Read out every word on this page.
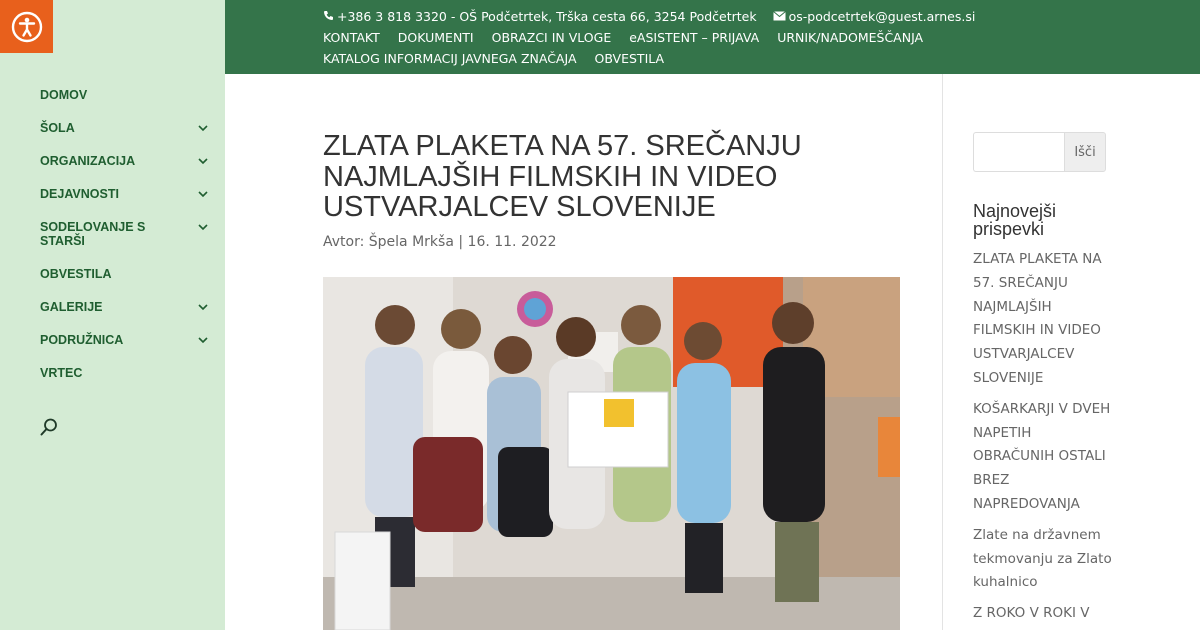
DOMOV
ŠOLA
ORGANIZACIJA
DEJAVNOSTI
SODELOVANJE S STARŠI
OBVESTILA
GALERIJE
PODRUŽNICA
VRTEC
+386 3 818 3320 - OŠ Podčetrtek, Trška cesta 66, 3254 Podčetrtek	os-podcetrtek@guest.arnes.si
KONTAKT DOKUMENTI OBRAZCI IN VLOGE eASISTENT – PRIJAVA URNIK/NADOMEŠČANJA
KATALOG INFORMACIJ JAVNEGA ZNAČAJA OBVESTILA
ZLATA PLAKETA NA 57. SREČANJU NAJMLAJŠIH FILMSKIH IN VIDEO USTVARJALCEV SLOVENIJE
Avtor: Špela Mrkša | 16. 11. 2022
Išči
Najnovejši prispevki
ZLATA PLAKETA NA 57. SREČANJU NAJMLAJŠIH FILMSKIH IN VIDEO USTVARJALCEV SLOVENIJE
KOŠARKARJI V DVEH NAPETIH OBRAČUNIH OSTALI BREZ NAPREDOVANJA
Zlate na državnem tekmovanju za Zlato kuhalnico
Z ROKO V ROKI V
